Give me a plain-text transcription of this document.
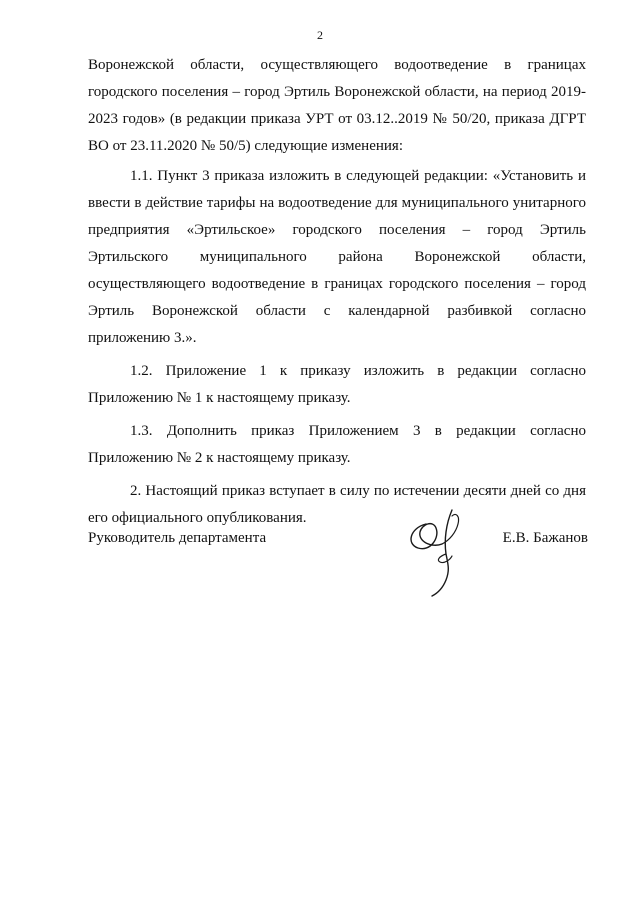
2

Воронежской области, осуществляющего водоотведение в границах городского поселения – город Эртиль Воронежской области, на период 2019-2023 годов» (в редакции приказа УРТ от 03.12..2019 № 50/20, приказа ДГРТ ВО от 23.11.2020 № 50/5) следующие изменения:

1.1. Пункт 3 приказа изложить в следующей редакции: «Установить и ввести в действие тарифы на водоотведение для муниципального унитарного предприятия «Эртильское» городского поселения – город Эртиль Эртильского муниципального района Воронежской области, осуществляющего водоотведение в границах городского поселения – город Эртиль Воронежской области с календарной разбивкой согласно приложению 3.».

1.2. Приложение 1 к приказу изложить в редакции согласно Приложению № 1 к настоящему приказу.

1.3. Дополнить приказ Приложением 3 в редакции согласно Приложению № 2 к настоящему приказу.

2. Настоящий приказ вступает в силу по истечении десяти дней со дня его официального опубликования.

Руководитель департамента	Е.В. Бажанов
